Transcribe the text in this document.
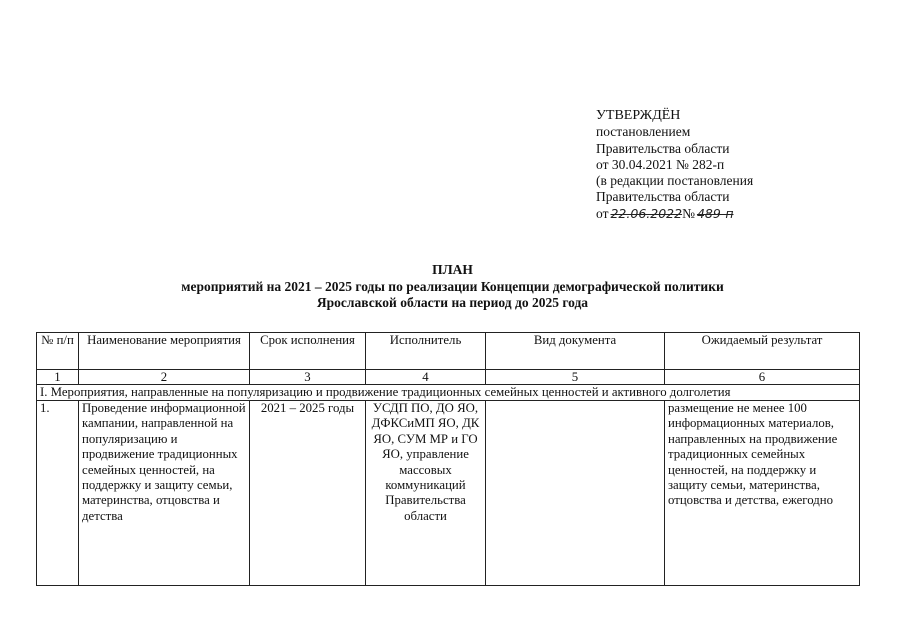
УТВЕРЖДЁН
постановлением
Правительства области
от 30.04.2021 № 282-п
(в редакции постановления
Правительства области
от 22.06.2022№ 489-п
ПЛАН
мероприятий на 2021 – 2025 годы по реализации Концепции демографической политики
Ярославской области на период до 2025 года
№ п/п	Наименование мероприятия	Срок исполнения	Исполнитель	Вид документа	Ожидаемый результат
1	2	3	4	5	6
I. Мероприятия, направленные на популяризацию и продвижение традиционных семейных ценностей и активного долголетия					
1.	Проведение информационной кампании, направленной на популяризацию и продвижение традиционных семейных ценностей, на поддержку и защиту семьи, материнства, отцовства и детства	2021 – 2025 годы	УСДП ПО, ДО ЯО, ДФКСиМП ЯО, ДК ЯО, СУМ МР и ГО ЯО, управление массовых коммуникаций Правительства области		размещение не менее 100 информационных материалов, направленных на продвижение традиционных семейных ценностей, на поддержку и защиту семьи, материнства, отцовства и детства, ежегодно
